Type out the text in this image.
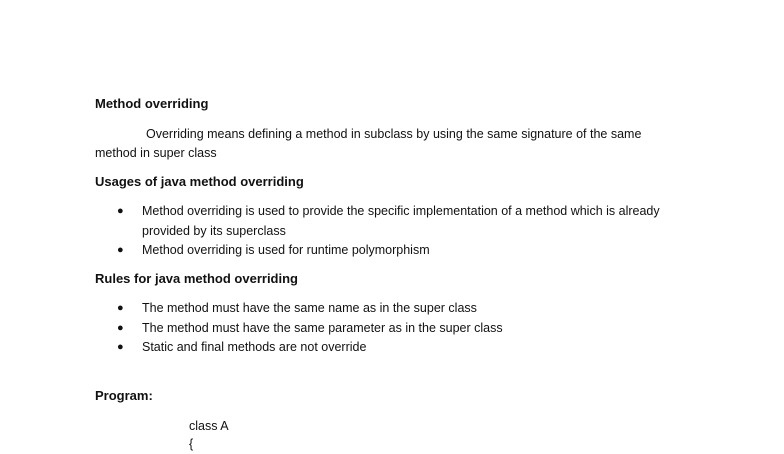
Method overriding
Overriding means defining a method in subclass by using the same signature of the same method in super class
Usages of java method overriding
● Method overriding is used to provide the specific implementation of a method which is already provided by its superclass
● Method overriding is used for runtime polymorphism
Rules for java method overriding
● The method must have the same name as in the super class
● The method must have the same parameter as in the super class
● Static and final methods are not override
Program:
class A
{
